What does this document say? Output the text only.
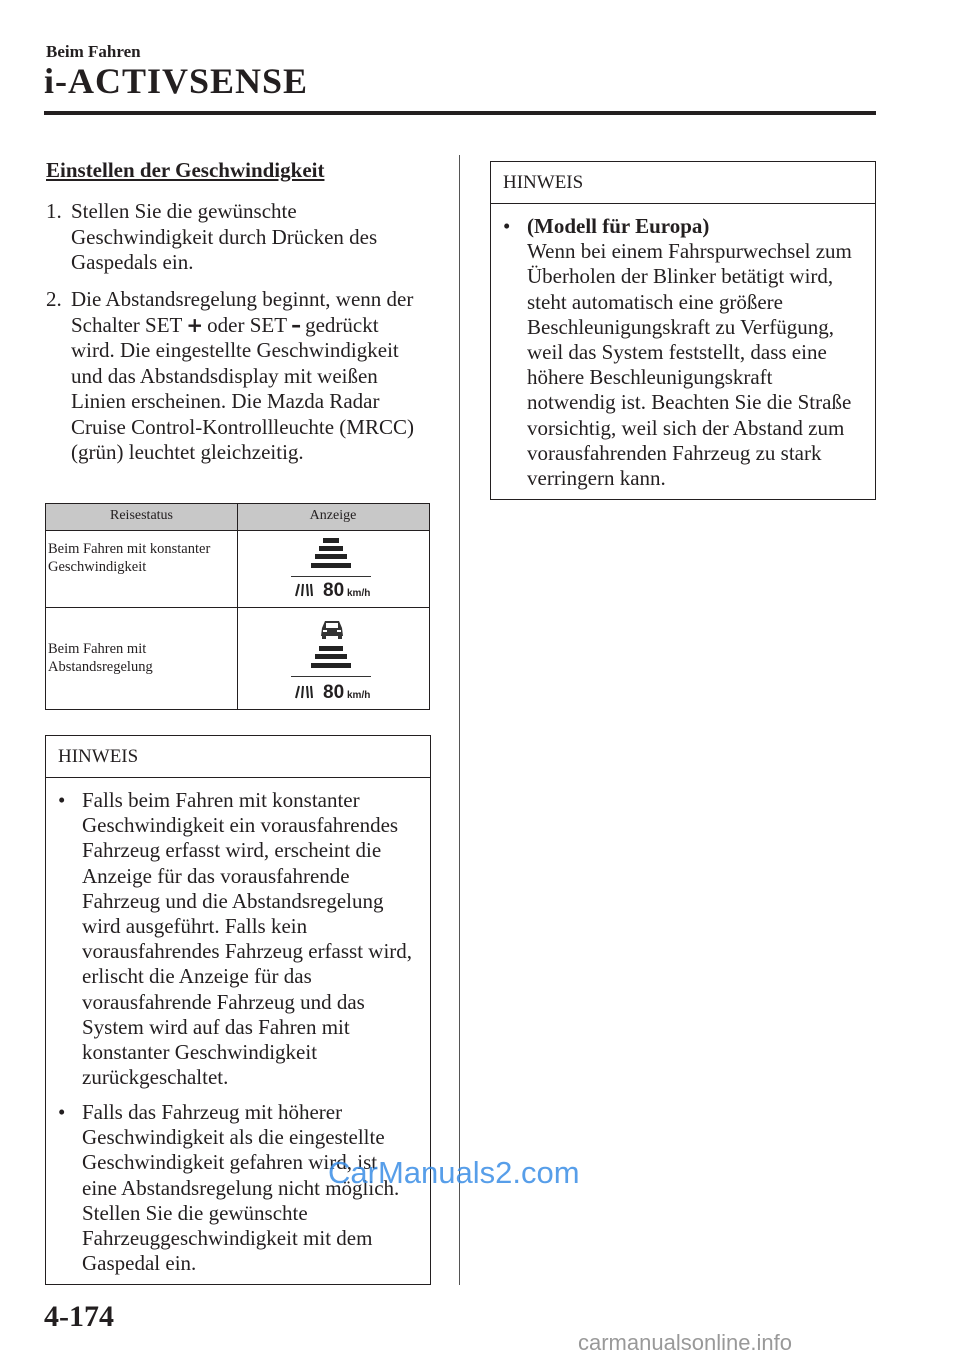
Beim Fahren
i-ACTIVSENSE
Einstellen der Geschwindigkeit
1. Stellen Sie die gewünschte Geschwindigkeit durch Drücken des Gaspedals ein.
2. Die Abstandsregelung beginnt, wenn der Schalter SET + oder SET – gedrückt wird. Die eingestellte Geschwindigkeit und das Abstandsdisplay mit weißen Linien erscheinen. Die Mazda Radar Cruise Control-Kontrollleuchte (MRCC) (grün) leuchtet gleichzeitig.
Reisestatus	Anzeige
Beim Fahren mit konstanter Geschwindigkeit
80 km/h
Beim Fahren mit Abstandsregelung
80 km/h
HINWEIS
• Falls beim Fahren mit konstanter Geschwindigkeit ein vorausfahrendes Fahrzeug erfasst wird, erscheint die Anzeige für das vorausfahrende Fahrzeug und die Abstandsregelung wird ausgeführt. Falls kein vorausfahrendes Fahrzeug erfasst wird, erlischt die Anzeige für das vorausfahrende Fahrzeug und das System wird auf das Fahren mit konstanter Geschwindigkeit zurückgeschaltet.
• Falls das Fahrzeug mit höherer Geschwindigkeit als die eingestellte Geschwindigkeit gefahren wird, ist eine Abstandsregelung nicht möglich. Stellen Sie die gewünschte Fahrzeuggeschwindigkeit mit dem Gaspedal ein.
HINWEIS
• (Modell für Europa)
Wenn bei einem Fahrspurwechsel zum Überholen der Blinker betätigt wird, steht automatisch eine größere Beschleunigungskraft zu Verfügung, weil das System feststellt, dass eine höhere Beschleunigungskraft notwendig ist. Beachten Sie die Straße vorsichtig, weil sich der Abstand zum vorausfahrenden Fahrzeug zu stark verringern kann.
4-174
CarManuals2.com
carmanualsonline.info
